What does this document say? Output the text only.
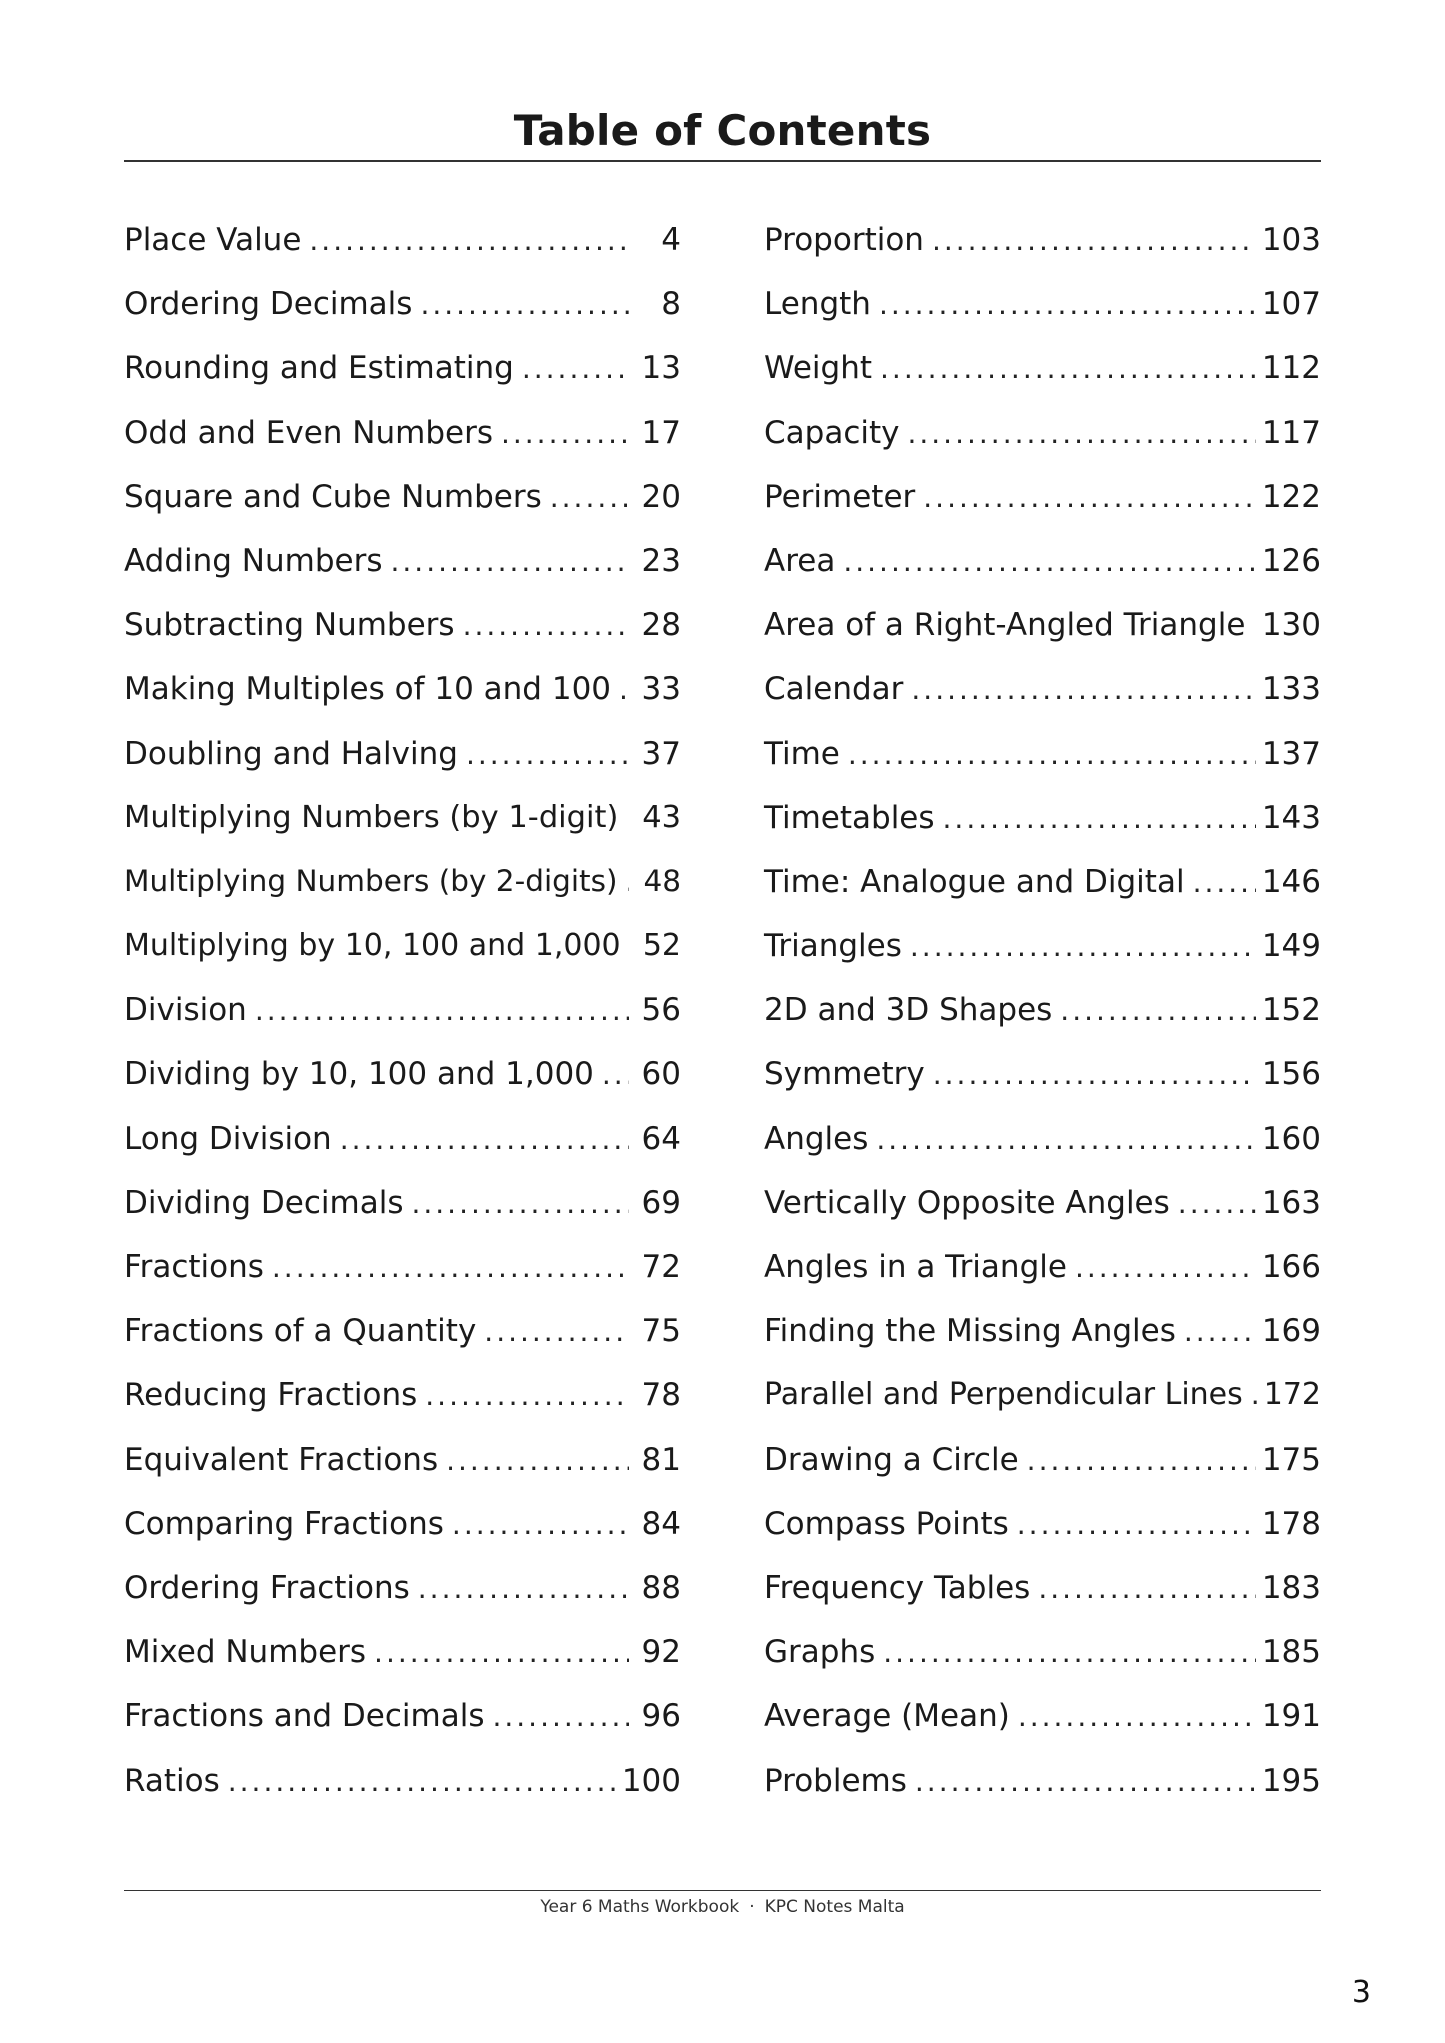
Table of Contents
Place Value .....	4
Ordering Decimals .....	8
Rounding and Estimating .....	13
Odd and Even Numbers .....	17
Square and Cube Numbers .....	20
Adding Numbers .....	23
Subtracting Numbers .....	28
Making Multiples of 10 and 100 ..... 33
Doubling and Halving .....	37
Multiplying Numbers (by 1-digit) ..... 43
Multiplying Numbers (by 2-digits) ..... 48
Multiplying by 10, 100 and 1,000 ..... 52
Division .....	56
Dividing by 10, 100 and 1,000 ..... 60
Long Division .....	64
Dividing Decimals .....	69
Fractions .....	72
Fractions of a Quantity .....	75
Reducing Fractions .....	78
Equivalent Fractions .....	81
Comparing Fractions .....	84
Ordering Fractions .....	88
Mixed Numbers .....	92
Fractions and Decimals .....	96
Ratios .....	100
Proportion .....	103
Length .....	107
Weight .....	112
Capacity .....	117
Perimeter .....	122
Area .....	126
Area of a Right-Angled Triangle ..... 130
Calendar .....	133
Time .....	137
Timetables .....	143
Time: Analogue and Digital ..... 146
Triangles .....	149
2D and 3D Shapes .....	152
Symmetry .....	156
Angles .....	160
Vertically Opposite Angles .....	163
Angles in a Triangle .....	166
Finding the Missing Angles .....	169
Parallel and Perpendicular Lines ..... 172
Drawing a Circle .....	175
Compass Points .....	178
Frequency Tables .....	183
Graphs .....	185
Average (Mean) .....	191
Problems .....	195
Year 6 Maths Workbook · KPC Notes Malta
3
